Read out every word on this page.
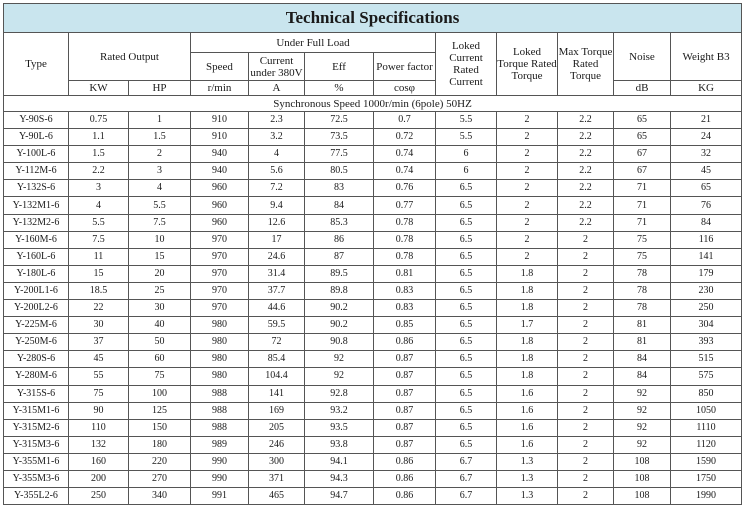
Technical Specifications											
Type	Rated Output		Under Full Load				Loked Current Rated Current	Loked Torque Rated Torque	Max Torque Rated Torque	Noise	Weight B3
			Speed	Current under 380V	Eff	Power factor					
	KW	HP	r/min	A	%	cosφ				dB	KG
Synchronous Speed 1000r/min (6pole) 50HZ											
Y-90S-6	0.75	1	910	2.3	72.5	0.7	5.5	2	2.2	65	21
Y-90L-6	1.1	1.5	910	3.2	73.5	0.72	5.5	2	2.2	65	24
Y-100L-6	1.5	2	940	4	77.5	0.74	6	2	2.2	67	32
Y-112M-6	2.2	3	940	5.6	80.5	0.74	6	2	2.2	67	45
Y-132S-6	3	4	960	7.2	83	0.76	6.5	2	2.2	71	65
Y-132M1-6	4	5.5	960	9.4	84	0.77	6.5	2	2.2	71	76
Y-132M2-6	5.5	7.5	960	12.6	85.3	0.78	6.5	2	2.2	71	84
Y-160M-6	7.5	10	970	17	86	0.78	6.5	2	2	75	116
Y-160L-6	11	15	970	24.6	87	0.78	6.5	2	2	75	141
Y-180L-6	15	20	970	31.4	89.5	0.81	6.5	1.8	2	78	179
Y-200L1-6	18.5	25	970	37.7	89.8	0.83	6.5	1.8	2	78	230
Y-200L2-6	22	30	970	44.6	90.2	0.83	6.5	1.8	2	78	250
Y-225M-6	30	40	980	59.5	90.2	0.85	6.5	1.7	2	81	304
Y-250M-6	37	50	980	72	90.8	0.86	6.5	1.8	2	81	393
Y-280S-6	45	60	980	85.4	92	0.87	6.5	1.8	2	84	515
Y-280M-6	55	75	980	104.4	92	0.87	6.5	1.8	2	84	575
Y-315S-6	75	100	988	141	92.8	0.87	6.5	1.6	2	92	850
Y-315M1-6	90	125	988	169	93.2	0.87	6.5	1.6	2	92	1050
Y-315M2-6	110	150	988	205	93.5	0.87	6.5	1.6	2	92	1110
Y-315M3-6	132	180	989	246	93.8	0.87	6.5	1.6	2	92	1120
Y-355M1-6	160	220	990	300	94.1	0.86	6.7	1.3	2	108	1590
Y-355M3-6	200	270	990	371	94.3	0.86	6.7	1.3	2	108	1750
Y-355L2-6	250	340	991	465	94.7	0.86	6.7	1.3	2	108	1990
